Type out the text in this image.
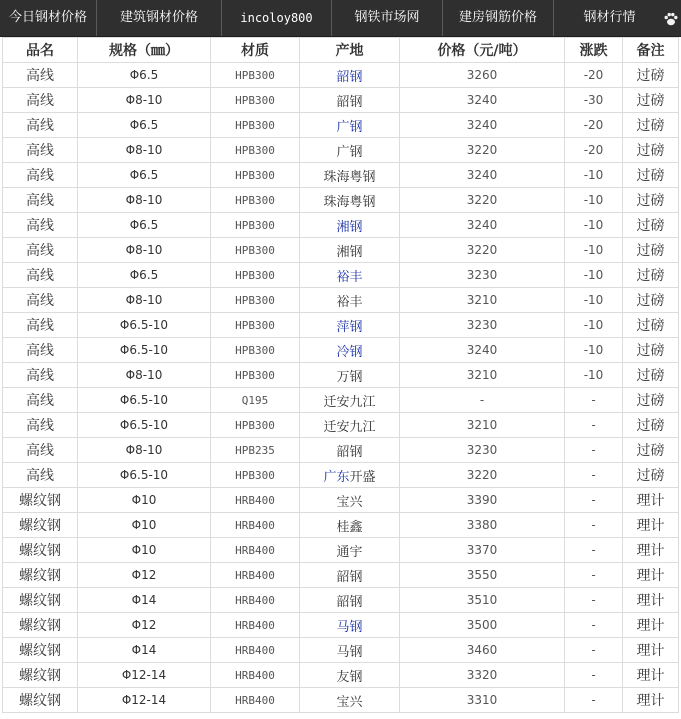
今日钢材价格	建筑钢材价格	incoloy800	钢铁市场网	建房钢筋价格	钢材行情
品名	规格（㎜）	材质	产地	价格（元/吨）	涨跌	备注
高线	Φ6.5	HPB300	韶钢	3260	-20	过磅
高线	Φ8-10	HPB300	韶钢	3240	-30	过磅
高线	Φ6.5	HPB300	广钢	3240	-20	过磅
高线	Φ8-10	HPB300	广钢	3220	-20	过磅
高线	Φ6.5	HPB300	珠海粤钢	3240	-10	过磅
高线	Φ8-10	HPB300	珠海粤钢	3220	-10	过磅
高线	Φ6.5	HPB300	湘钢	3240	-10	过磅
高线	Φ8-10	HPB300	湘钢	3220	-10	过磅
高线	Φ6.5	HPB300	裕丰	3230	-10	过磅
高线	Φ8-10	HPB300	裕丰	3210	-10	过磅
高线	Φ6.5-10	HPB300	萍钢	3230	-10	过磅
高线	Φ6.5-10	HPB300	冷钢	3240	-10	过磅
高线	Φ8-10	HPB300	万钢	3210	-10	过磅
高线	Φ6.5-10	Q195	迁安九江	-	-	过磅
高线	Φ6.5-10	HPB300	迁安九江	3210	-	过磅
高线	Φ8-10	HPB235	韶钢	3230	-	过磅
高线	Φ6.5-10	HPB300	广东开盛	3220	-	过磅
螺纹钢	Φ10	HRB400	宝兴	3390	-	理计
螺纹钢	Φ10	HRB400	桂鑫	3380	-	理计
螺纹钢	Φ10	HRB400	通宇	3370	-	理计
螺纹钢	Φ12	HRB400	韶钢	3550	-	理计
螺纹钢	Φ14	HRB400	韶钢	3510	-	理计
螺纹钢	Φ12	HRB400	马钢	3500	-	理计
螺纹钢	Φ14	HRB400	马钢	3460	-	理计
螺纹钢	Φ12-14	HRB400	友钢	3320	-	理计
螺纹钢	Φ12-14	HRB400	宝兴	3310	-	理计
